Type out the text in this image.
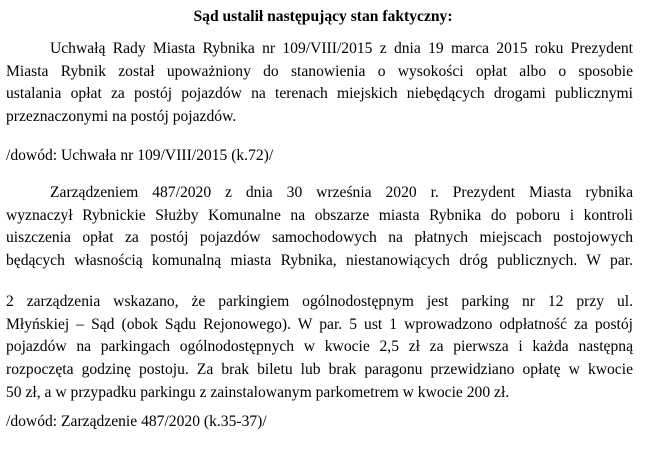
Sąd ustalił następujący stan faktyczny:
Uchwałą Rady Miasta Rybnika nr 109/VIII/2015 z dnia 19 marca 2015 roku Prezydent
Miasta Rybnik został upoważniony do stanowienia o wysokości opłat albo o sposobie
ustalania opłat za postój pojazdów na terenach miejskich niebędących drogami publicznymi
przeznaczonymi na postój pojazdów.
/dowód: Uchwała nr 109/VIII/2015 (k.72)/
Zarządzeniem 487/2020 z dnia 30 września 2020 r. Prezydent Miasta rybnika
wyznaczył Rybnickie Służby Komunalne na obszarze miasta Rybnika do poboru i kontroli
uiszczenia opłat za postój pojazdów samochodowych na płatnych miejscach postojowych
będących własnością komunalną miasta Rybnika, niestanowiących dróg publicznych. W par.
2 zarządzenia wskazano, że parkingiem ogólnodostępnym jest parking nr 12 przy ul.
Młyńskiej – Sąd (obok Sądu Rejonowego). W par. 5 ust 1 wprowadzono odpłatność za postój
pojazdów na parkingach ogólnodostępnych w kwocie 2,5 zł za pierwsza i każda następną
rozpoczęta godzinę postoju. Za brak biletu lub brak paragonu przewidziano opłatę w kwocie
50 zł, a w przypadku parkingu z zainstalowanym parkometrem w kwocie 200 zł.
/dowód: Zarządzenie 487/2020 (k.35-37)/
